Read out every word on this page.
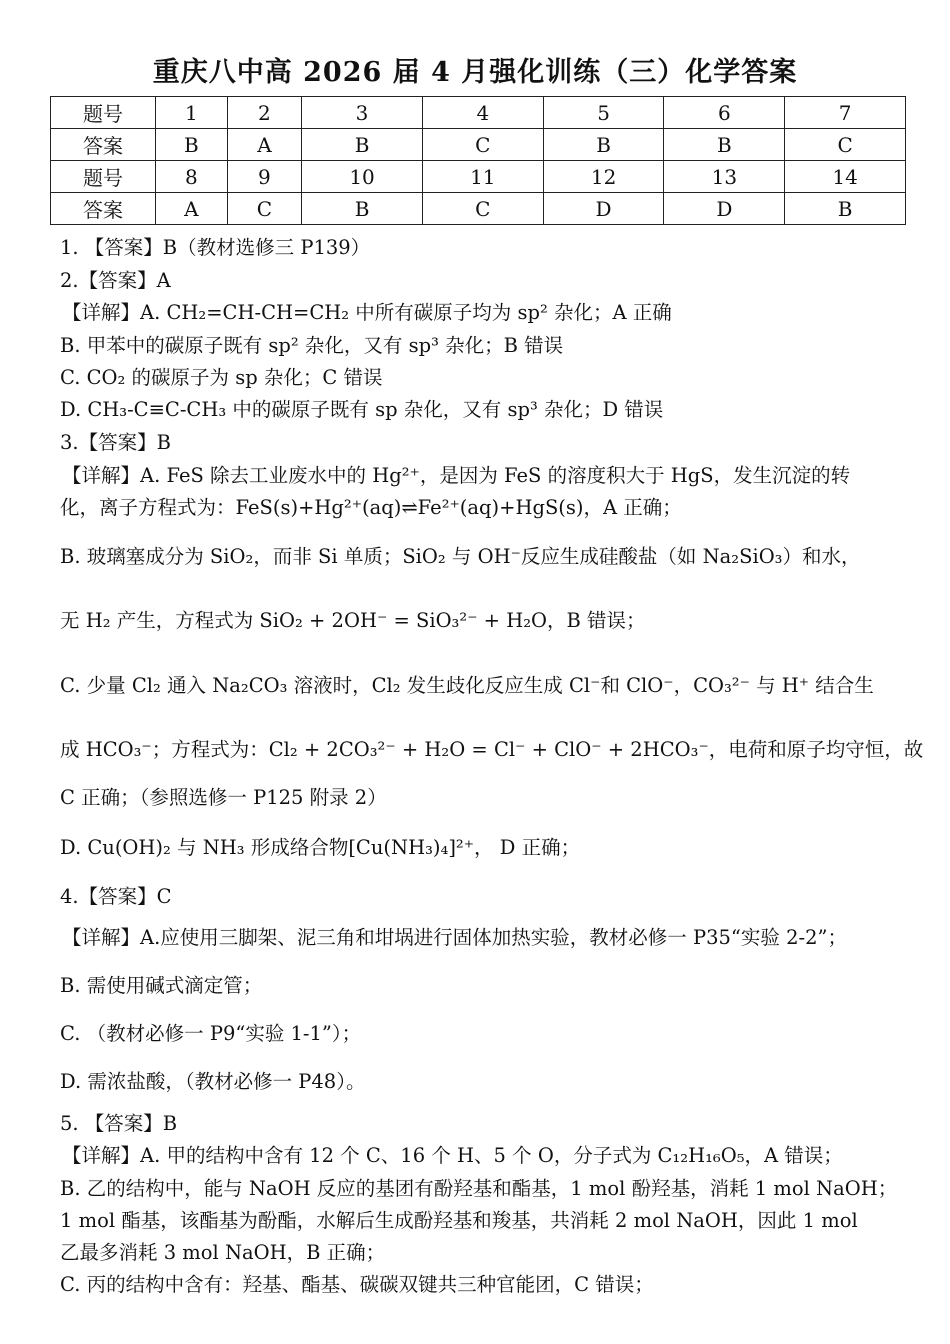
重庆八中高 2026 届 4 月强化训练（三）化学答案
题号	1	2	3	4	5	6	7
答案	B	A	B	C	B	B	C
题号	8	9	10	11	12	13	14
答案	A	C	B	C	D	D	B
1. 【答案】B（教材选修三 P139）
2.【答案】A
【详解】A. CH₂=CH-CH=CH₂ 中所有碳原子均为 sp² 杂化；A 正确
B. 甲苯中的碳原子既有 sp² 杂化，又有 sp³ 杂化；B 错误
C. CO₂ 的碳原子为 sp 杂化；C 错误
D. CH₃-C≡C-CH₃ 中的碳原子既有 sp 杂化，又有 sp³ 杂化；D 错误
3.【答案】B
【详解】A. FeS 除去工业废水中的 Hg²⁺，是因为 FeS 的溶度积大于 HgS，发生沉淀的转
化，离子方程式为：FeS(s)+Hg²⁺(aq)⇌Fe²⁺(aq)+HgS(s)，A 正确；
B. 玻璃塞成分为 SiO₂，而非 Si 单质；SiO₂ 与 OH⁻反应生成硅酸盐（如 Na₂SiO₃）和水，
无 H₂ 产生，方程式为 SiO₂ + 2OH⁻ = SiO₃²⁻ + H₂O，B 错误；
C. 少量 Cl₂ 通入 Na₂CO₃ 溶液时，Cl₂ 发生歧化反应生成 Cl⁻和 ClO⁻，CO₃²⁻ 与 H⁺ 结合生
成 HCO₃⁻；方程式为：Cl₂ + 2CO₃²⁻ + H₂O = Cl⁻ + ClO⁻ + 2HCO₃⁻，电荷和原子均守恒，故
C 正确；（参照选修一 P125 附录 2）
D. Cu(OH)₂ 与 NH₃ 形成络合物[Cu(NH₃)₄]²⁺， D 正确；
4.【答案】C
【详解】A.应使用三脚架、泥三角和坩埚进行固体加热实验，教材必修一 P35“实验 2-2”；
B. 需使用碱式滴定管；
C. （教材必修一 P9“实验 1-1”）；
D. 需浓盐酸，（教材必修一 P48）。
5. 【答案】B
【详解】A. 甲的结构中含有 12 个 C、16 个 H、5 个 O，分子式为 C₁₂H₁₆O₅，A 错误；
B. 乙的结构中，能与 NaOH 反应的基团有酚羟基和酯基，1 mol 酚羟基，消耗 1 mol NaOH；
1 mol 酯基，该酯基为酚酯，水解后生成酚羟基和羧基，共消耗 2 mol NaOH，因此 1 mol
乙最多消耗 3 mol NaOH，B 正确；
C. 丙的结构中含有：羟基、酯基、碳碳双键共三种官能团，C 错误；
